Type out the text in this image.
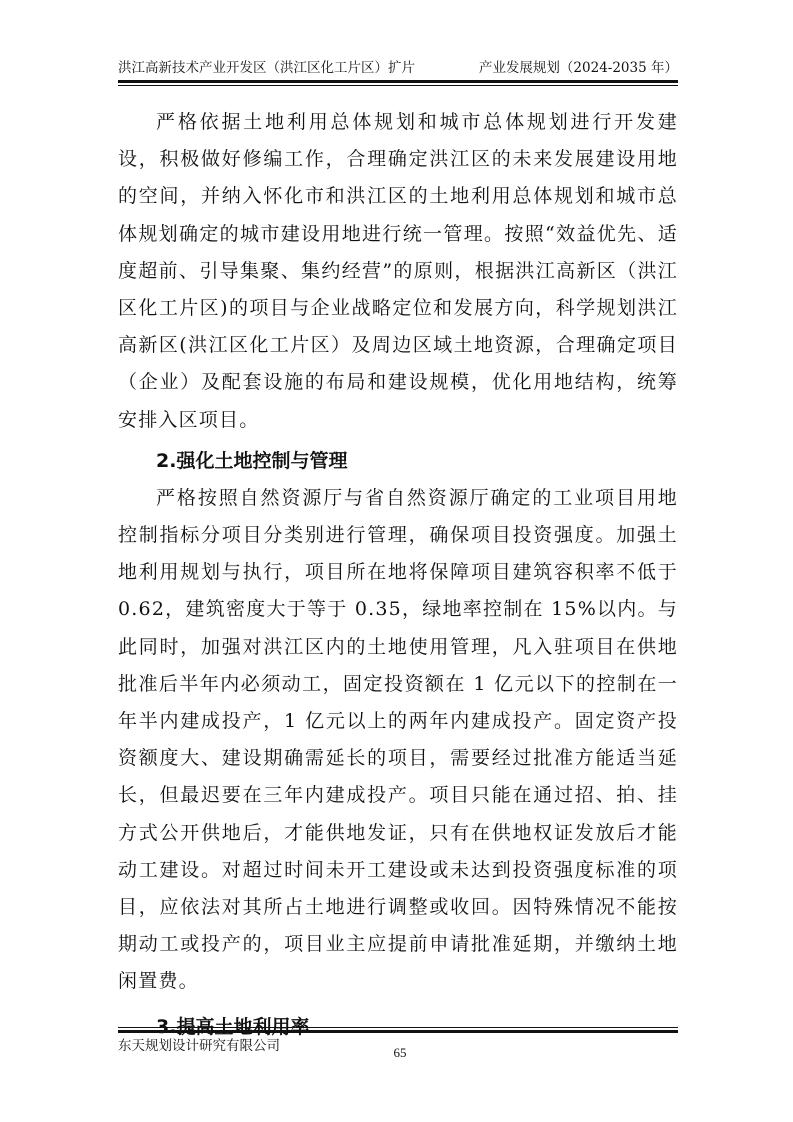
洪江高新技术产业开发区（洪江区化工片区）扩片	产业发展规划（2024-2035 年）

严格依据土地利用总体规划和城市总体规划进行开发建设，积极做好修编工作，合理确定洪江区的未来发展建设用地的空间，并纳入怀化市和洪江区的土地利用总体规划和城市总体规划确定的城市建设用地进行统一管理。按照“效益优先、适度超前、引导集聚、集约经营”的原则，根据洪江高新区（洪江区化工片区)的项目与企业战略定位和发展方向，科学规划洪江高新区(洪江区化工片区）及周边区域土地资源，合理确定项目（企业）及配套设施的布局和建设规模，优化用地结构，统筹安排入区项目。

2.强化土地控制与管理

严格按照自然资源厅与省自然资源厅确定的工业项目用地控制指标分项目分类别进行管理，确保项目投资强度。加强土地利用规划与执行，项目所在地将保障项目建筑容积率不低于 0.62，建筑密度大于等于 0.35，绿地率控制在 15%以内。与此同时，加强对洪江区内的土地使用管理，凡入驻项目在供地批准后半年内必须动工，固定投资额在 1 亿元以下的控制在一年半内建成投产，1 亿元以上的两年内建成投产。固定资产投资额度大、建设期确需延长的项目，需要经过批准方能适当延长，但最迟要在三年内建成投产。项目只能在通过招、拍、挂方式公开供地后，才能供地发证，只有在供地权证发放后才能动工建设。对超过时间未开工建设或未达到投资强度标准的项目，应依法对其所占土地进行调整或收回。因特殊情况不能按期动工或投产的，项目业主应提前申请批准延期，并缴纳土地闲置费。

东天规划设计研究有限公司	65
